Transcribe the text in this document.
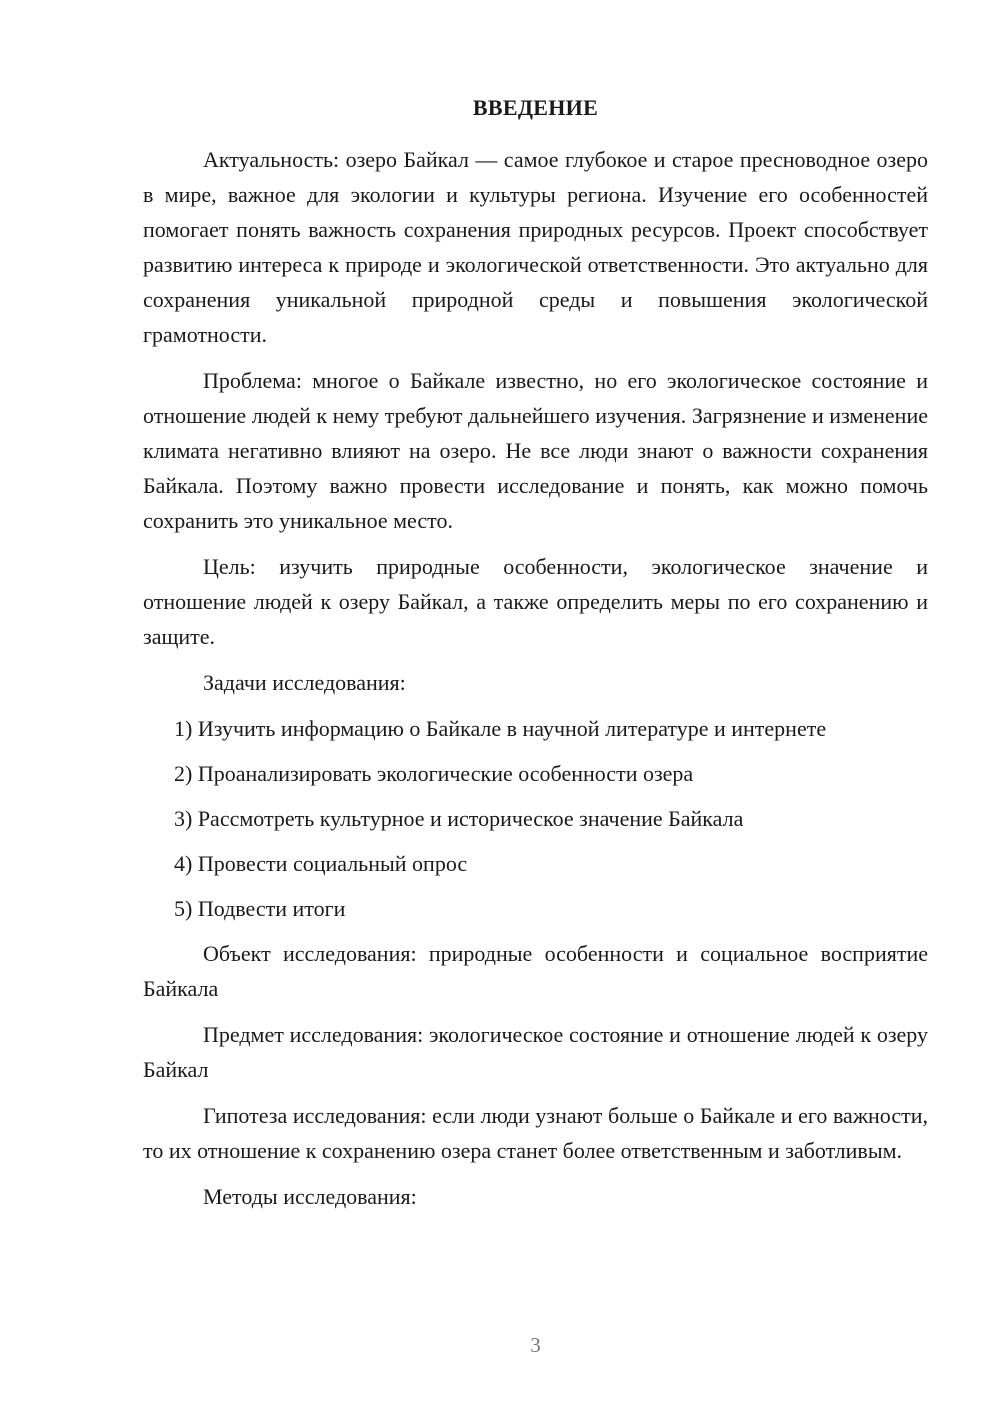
ВВЕДЕНИЕ

Актуальность: озеро Байкал — самое глубокое и старое пресноводное озеро в мире, важное для экологии и культуры региона. Изучение его особенностей помогает понять важность сохранения природных ресурсов. Проект способствует развитию интереса к природе и экологической ответственности. Это актуально для сохранения уникальной природной среды и повышения экологической грамотности.

Проблема: многое о Байкале известно, но его экологическое состояние и отношение людей к нему требуют дальнейшего изучения. Загрязнение и изменение климата негативно влияют на озеро. Не все люди знают о важности сохранения Байкала. Поэтому важно провести исследование и понять, как можно помочь сохранить это уникальное место.

Цель: изучить природные особенности, экологическое значение и отношение людей к озеру Байкал, а также определить меры по его сохранению и защите.

Задачи исследования:

1) Изучить информацию о Байкале в научной литературе и интернете

2) Проанализировать экологические особенности озера

3) Рассмотреть культурное и историческое значение Байкала

4) Провести социальный опрос

5) Подвести итоги

Объект исследования: природные особенности и социальное восприятие Байкала

Предмет исследования: экологическое состояние и отношение людей к озеру Байкал

Гипотеза исследования: если люди узнают больше о Байкале и его важности, то их отношение к сохранению озера станет более ответственным и заботливым.

Методы исследования:

3
